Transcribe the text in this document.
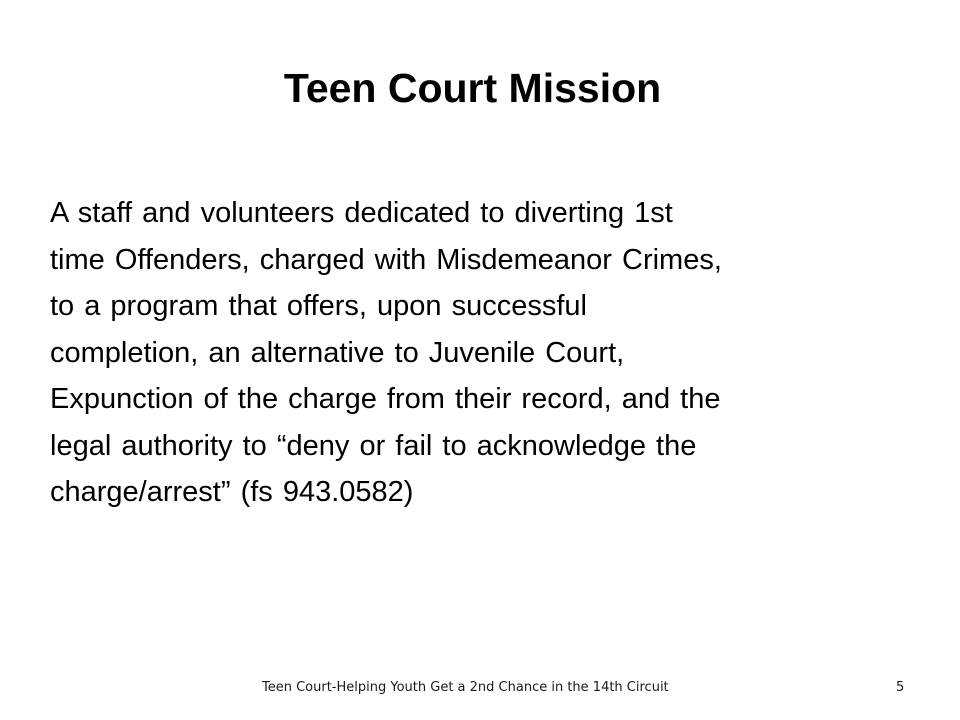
Teen Court Mission

A staff and volunteers dedicated to diverting 1st
time Offenders, charged with Misdemeanor Crimes,
to a program that offers, upon successful
completion, an alternative to Juvenile Court,
Expunction of the charge from their record, and the
legal authority to “deny or fail to acknowledge the
charge/arrest” (fs 943.0582)

Teen Court-Helping Youth Get a 2nd Chance in the 14th Circuit	5
